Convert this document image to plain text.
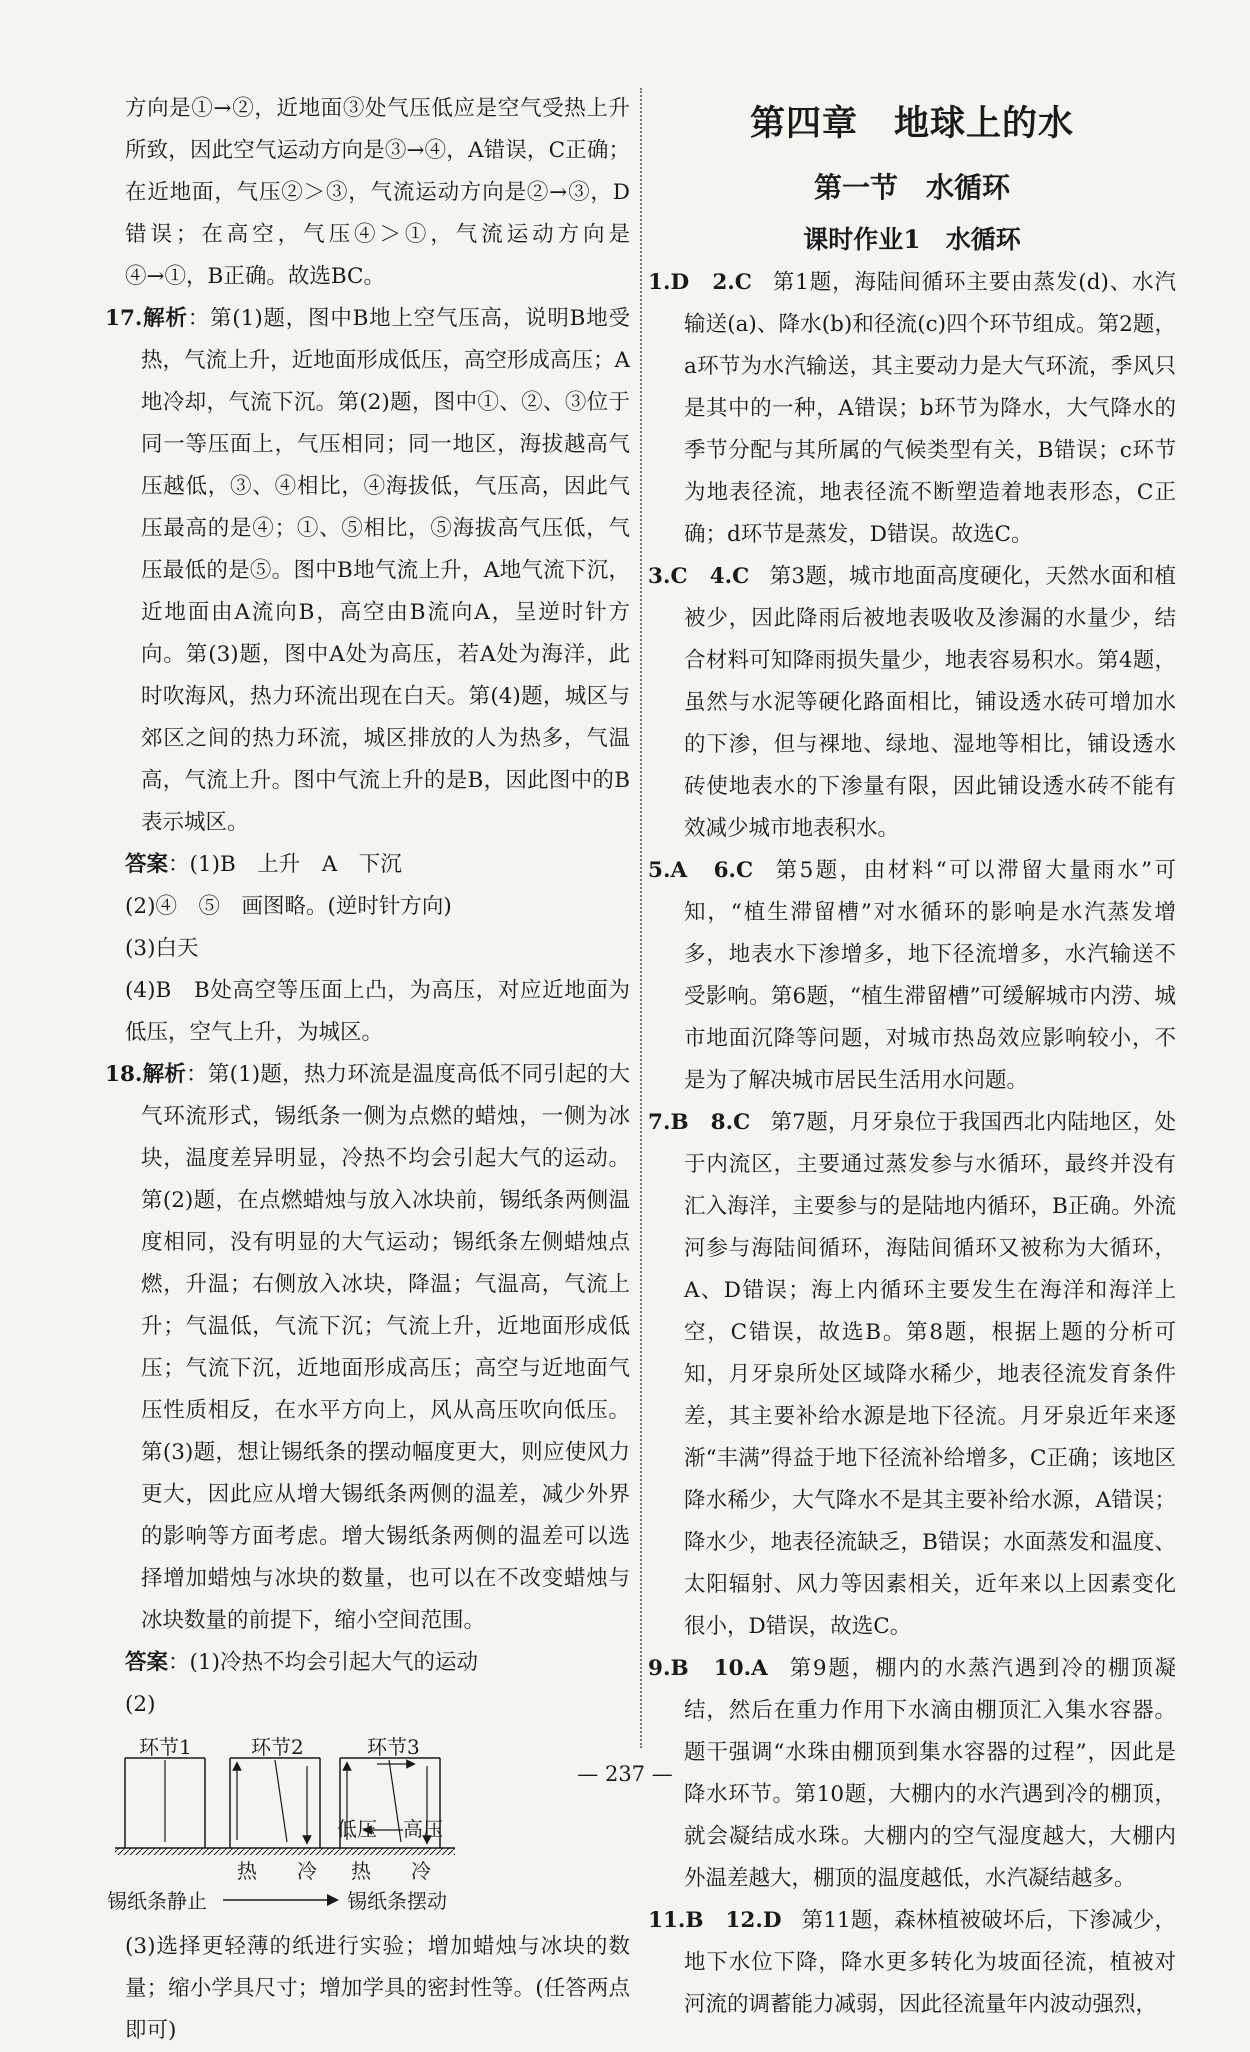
方向是①→②，近地面③处气压低应是空气受热上升所致，因此空气运动方向是③→④，A错误，C正确；在近地面，气压②＞③，气流运动方向是②→③，D错误；在高空，气压④＞①，气流运动方向是④→①，B正确。故选BC。

17.解析：第(1)题，图中B地上空气压高，说明B地受热，气流上升，近地面形成低压，高空形成高压；A地冷却，气流下沉。第(2)题，图中①、②、③位于同一等压面上，气压相同；同一地区，海拔越高气压越低，③、④相比，④海拔低，气压高，因此气压最高的是④；①、⑤相比，⑤海拔高气压低，气压最低的是⑤。图中B地气流上升，A地气流下沉，近地面由A流向B，高空由B流向A，呈逆时针方向。第(3)题，图中A处为高压，若A处为海洋，此时吹海风，热力环流出现在白天。第(4)题，城区与郊区之间的热力环流，城区排放的人为热多，气温高，气流上升。图中气流上升的是B，因此图中的B表示城区。

答案：(1)B　上升　A　下沉

(2)④　⑤　画图略。(逆时针方向)

(3)白天

(4)B　B处高空等压面上凸，为高压，对应近地面为低压，空气上升，为城区。

18.解析：第(1)题，热力环流是温度高低不同引起的大气环流形式，锡纸条一侧为点燃的蜡烛，一侧为冰块，温度差异明显，冷热不均会引起大气的运动。第(2)题，在点燃蜡烛与放入冰块前，锡纸条两侧温度相同，没有明显的大气运动；锡纸条左侧蜡烛点燃，升温；右侧放入冰块，降温；气温高，气流上升；气温低，气流下沉；气流上升，近地面形成低压；气流下沉，近地面形成高压；高空与近地面气压性质相反，在水平方向上，风从高压吹向低压。第(3)题，想让锡纸条的摆动幅度更大，则应使风力更大，因此应从增大锡纸条两侧的温差，减少外界的影响等方面考虑。增大锡纸条两侧的温差可以选择增加蜡烛与冰块的数量，也可以在不改变蜡烛与冰块数量的前提下，缩小空间范围。

答案：(1)冷热不均会引起大气的运动

(2)

环节1	环节2	环节3
低压 高压
热 冷 热 冷
锡纸条静止	锡纸条摆动

(3)选择更轻薄的纸进行实验；增加蜡烛与冰块的数量；缩小学具尺寸；增加学具的密封性等。(任答两点即可)

第四章　地球上的水
第一节　水循环
课时作业1　水循环

1.D　2.C 第1题，海陆间循环主要由蒸发(d)、水汽输送(a)、降水(b)和径流(c)四个环节组成。第2题，a环节为水汽输送，其主要动力是大气环流，季风只是其中的一种，A错误；b环节为降水，大气降水的季节分配与其所属的气候类型有关，B错误；c环节为地表径流，地表径流不断塑造着地表形态，C正确；d环节是蒸发，D错误。故选C。

3.C　4.C 第3题，城市地面高度硬化，天然水面和植被少，因此降雨后被地表吸收及渗漏的水量少，结合材料可知降雨损失量少，地表容易积水。第4题，虽然与水泥等硬化路面相比，铺设透水砖可增加水的下渗，但与裸地、绿地、湿地等相比，铺设透水砖使地表水的下渗量有限，因此铺设透水砖不能有效减少城市地表积水。

5.A　6.C 第5题，由材料“可以滞留大量雨水”可知，“植生滞留槽”对水循环的影响是水汽蒸发增多，地表水下渗增多，地下径流增多，水汽输送不受影响。第6题，“植生滞留槽”可缓解城市内涝、城市地面沉降等问题，对城市热岛效应影响较小，不是为了解决城市居民生活用水问题。

7.B　8.C 第7题，月牙泉位于我国西北内陆地区，处于内流区，主要通过蒸发参与水循环，最终并没有汇入海洋，主要参与的是陆地内循环，B正确。外流河参与海陆间循环，海陆间循环又被称为大循环，A、D错误；海上内循环主要发生在海洋和海洋上空，C错误，故选B。第8题，根据上题的分析可知，月牙泉所处区域降水稀少，地表径流发育条件差，其主要补给水源是地下径流。月牙泉近年来逐渐“丰满”得益于地下径流补给增多，C正确；该地区降水稀少，大气降水不是其主要补给水源，A错误；降水少，地表径流缺乏，B错误；水面蒸发和温度、太阳辐射、风力等因素相关，近年来以上因素变化很小，D错误，故选C。

9.B　10.A 第9题，棚内的水蒸汽遇到冷的棚顶凝结，然后在重力作用下水滴由棚顶汇入集水容器。题干强调“水珠由棚顶到集水容器的过程”，因此是降水环节。第10题，大棚内的水汽遇到冷的棚顶，就会凝结成水珠。大棚内的空气湿度越大，大棚内外温差越大，棚顶的温度越低，水汽凝结越多。

11.B　12.D 第11题，森林植被破坏后，下渗减少，地下水位下降，降水更多转化为坡面径流，植被对河流的调蓄能力减弱，因此径流量年内波动强烈，

— 237 —
